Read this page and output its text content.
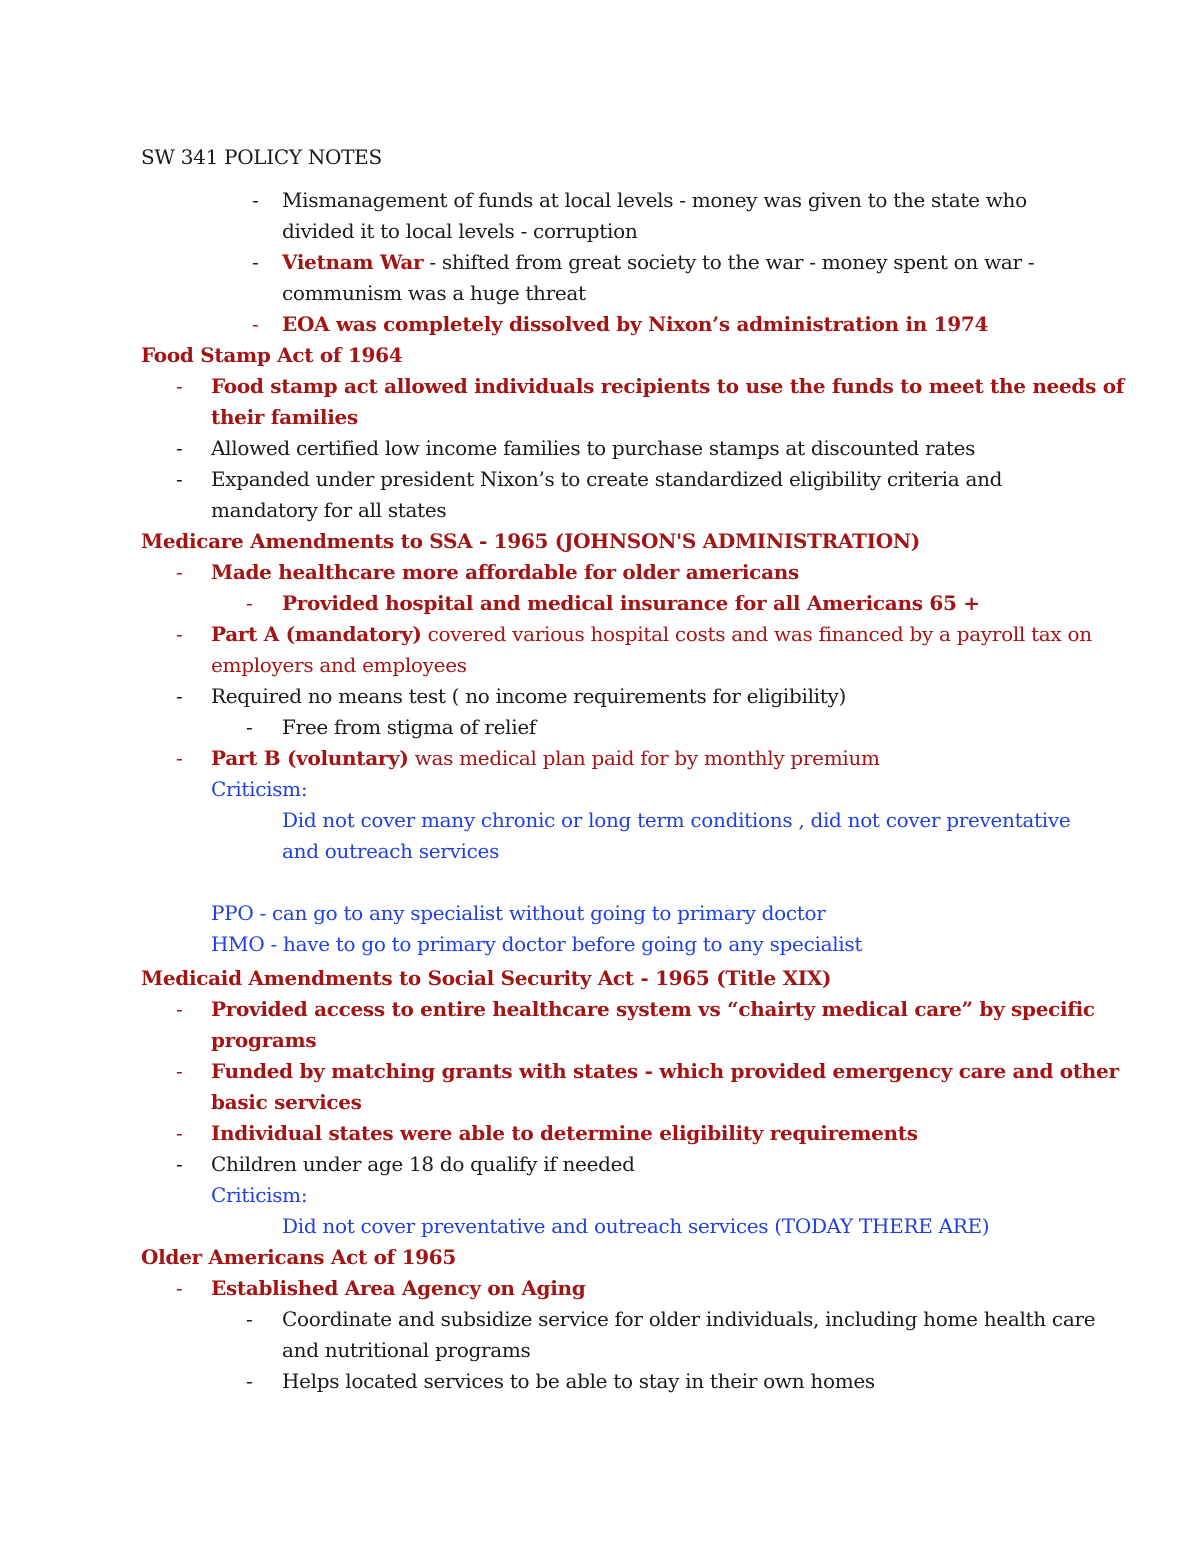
SW 341 POLICY NOTES
- Mismanagement of funds at local levels - money was given to the state who
divided it to local levels - corruption
- Vietnam War - shifted from great society to the war - money spent on war -
communism was a huge threat
- EOA was completely dissolved by Nixon’s administration in 1974
Food Stamp Act of 1964
- Food stamp act allowed individuals recipients to use the funds to meet the needs of
their families
- Allowed certified low income families to purchase stamps at discounted rates
- Expanded under president Nixon’s to create standardized eligibility criteria and
mandatory for all states
Medicare Amendments to SSA - 1965 (JOHNSON'S ADMINISTRATION)
- Made healthcare more affordable for older americans
-	Provided hospital and medical insurance for all Americans 65 +
- Part A (mandatory) covered various hospital costs and was financed by a payroll tax on
employers and employees
- Required no means test ( no income requirements for eligibility)
-	Free from stigma of relief
- Part B (voluntary) was medical plan paid for by monthly premium
Criticism:
Did not cover many chronic or long term conditions , did not cover preventative
and outreach services
PPO - can go to any specialist without going to primary doctor
HMO - have to go to primary doctor before going to any specialist
Medicaid Amendments to Social Security Act - 1965 (Title XIX)
- Provided access to entire healthcare system vs “chairty medical care” by specific
programs
- Funded by matching grants with states - which provided emergency care and other
basic services
- Individual states were able to determine eligibility requirements
- Children under age 18 do qualify if needed
Criticism:
Did not cover preventative and outreach services (TODAY THERE ARE)
Older Americans Act of 1965
- Established Area Agency on Aging
-	Coordinate and subsidize service for older individuals, including home health care
and nutritional programs
-	Helps located services to be able to stay in their own homes
